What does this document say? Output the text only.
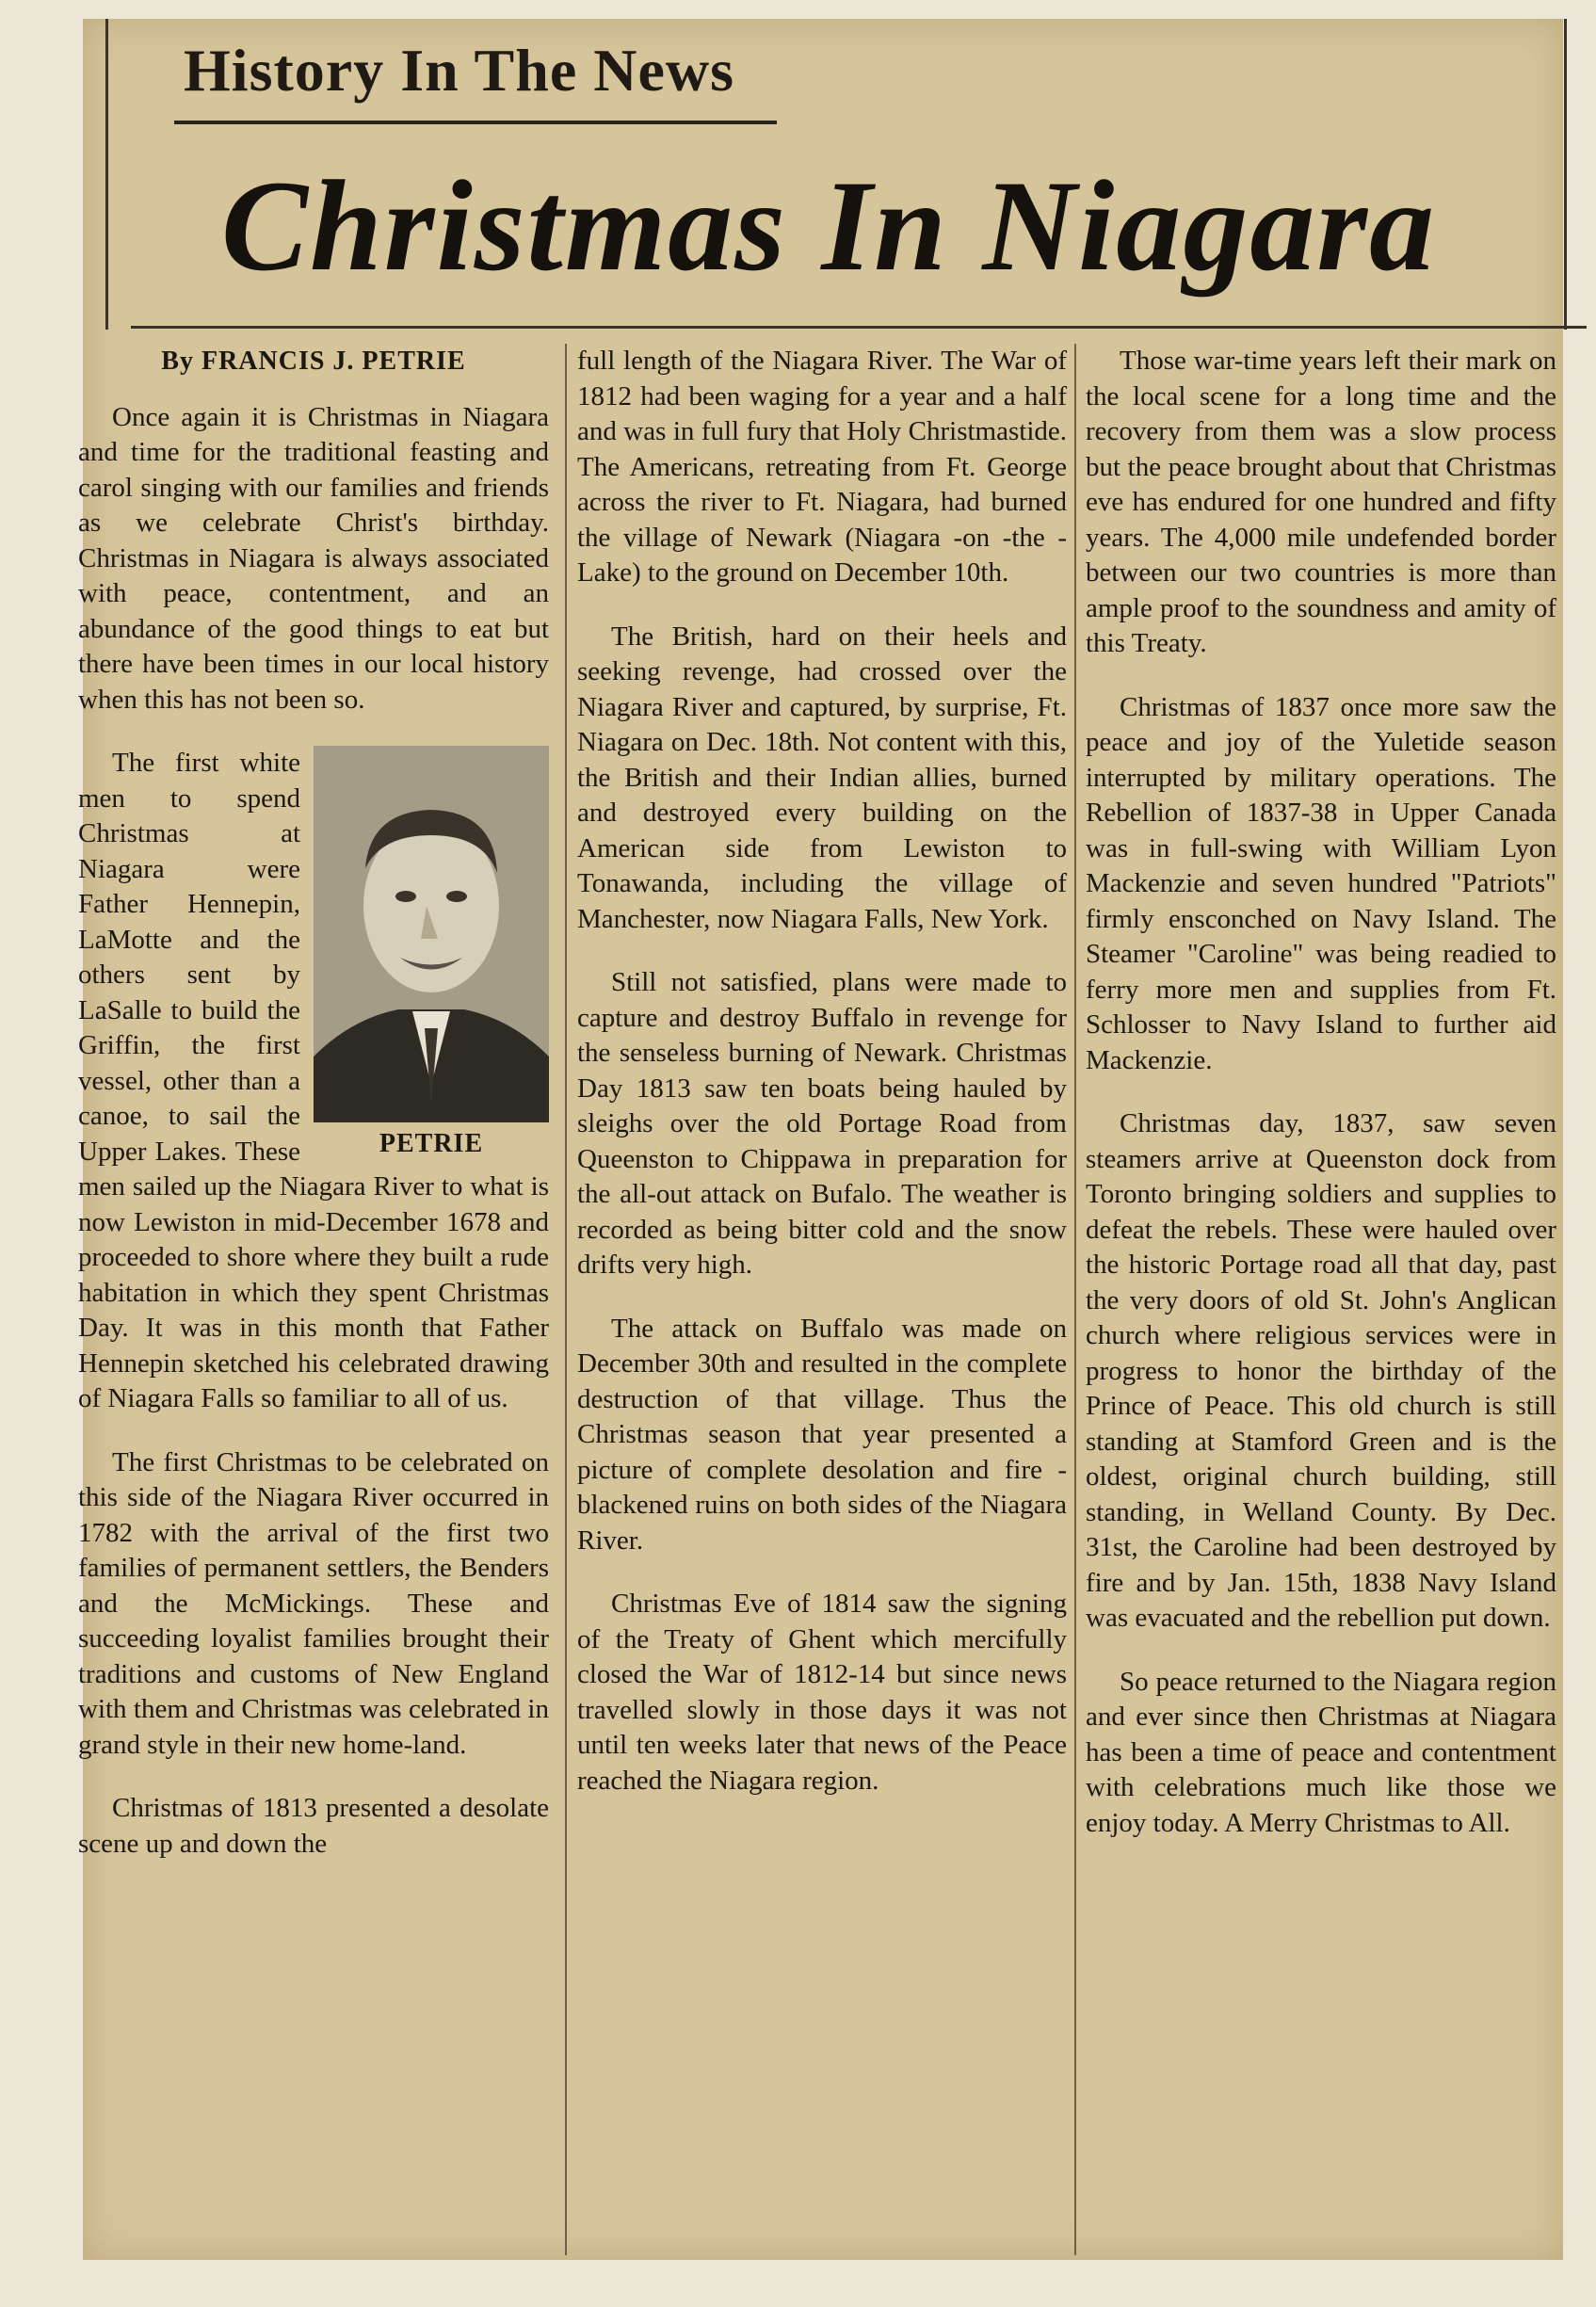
History In The News
Christmas In Niagara
By FRANCIS J. PETRIE

Once again it is Christmas in Niagara and time for the traditional feasting and carol singing with our families and friends as we celebrate Christ's birthday. Christmas in Niagara is always associated with peace, contentment, and an abundance of the good things to eat but there have been times in our local history when this has not been so.

PETRIE

The first white men to spend Christmas at Niagara were Father Hennepin, LaMotte and the others sent by LaSalle to build the Griffin, the first vessel, other than a canoe, to sail the Upper Lakes. These men sailed up the Niagara River to what is now Lewiston in mid-December 1678 and proceeded to shore where they built a rude habitation in which they spent Christmas Day. It was in this month that Father Hennepin sketched his celebrated drawing of Niagara Falls so familiar to all of us.

The first Christmas to be celebrated on this side of the Niagara River occurred in 1782 with the arrival of the first two families of permanent settlers, the Benders and the McMickings. These and succeeding loyalist families brought their traditions and customs of New England with them and Christmas was celebrated in grand style in their new home-land.

Christmas of 1813 presented a desolate scene up and down the

full length of the Niagara River. The War of 1812 had been waging for a year and a half and was in full fury that Holy Christmastide. The Americans, retreating from Ft. George across the river to Ft. Niagara, had burned the village of Newark (Niagara -on -the -Lake) to the ground on December 10th.

The British, hard on their heels and seeking revenge, had crossed over the Niagara River and captured, by surprise, Ft. Niagara on Dec. 18th. Not content with this, the British and their Indian allies, burned and destroyed every building on the American side from Lewiston to Tonawanda, including the village of Manchester, now Niagara Falls, New York.

Still not satisfied, plans were made to capture and destroy Buffalo in revenge for the senseless burning of Newark. Christmas Day 1813 saw ten boats being hauled by sleighs over the old Portage Road from Queenston to Chippawa in preparation for the all-out attack on Bufalo. The weather is recorded as being bitter cold and the snow drifts very high.

The attack on Buffalo was made on December 30th and resulted in the complete destruction of that village. Thus the Christmas season that year presented a picture of complete desolation and fire - blackened ruins on both sides of the Niagara River.

Christmas Eve of 1814 saw the signing of the Treaty of Ghent which mercifully closed the War of 1812-14 but since news travelled slowly in those days it was not until ten weeks later that news of the Peace reached the Niagara region.

Those war-time years left their mark on the local scene for a long time and the recovery from them was a slow process but the peace brought about that Christmas eve has endured for one hundred and fifty years. The 4,000 mile undefended border between our two countries is more than ample proof to the soundness and amity of this Treaty.

Christmas of 1837 once more saw the peace and joy of the Yuletide season interrupted by military operations. The Rebellion of 1837-38 in Upper Canada was in full-swing with William Lyon Mackenzie and seven hundred "Patriots" firmly ensconched on Navy Island. The Steamer "Caroline" was being readied to ferry more men and supplies from Ft. Schlosser to Navy Island to further aid Mackenzie.

Christmas day, 1837, saw seven steamers arrive at Queenston dock from Toronto bringing soldiers and supplies to defeat the rebels. These were hauled over the historic Portage road all that day, past the very doors of old St. John's Anglican church where religious services were in progress to honor the birthday of the Prince of Peace. This old church is still standing at Stamford Green and is the oldest, original church building, still standing, in Welland County. By Dec. 31st, the Caroline had been destroyed by fire and by Jan. 15th, 1838 Navy Island was evacuated and the rebellion put down.

So peace returned to the Niagara region and ever since then Christmas at Niagara has been a time of peace and contentment with celebrations much like those we enjoy today. A Merry Christmas to All.
